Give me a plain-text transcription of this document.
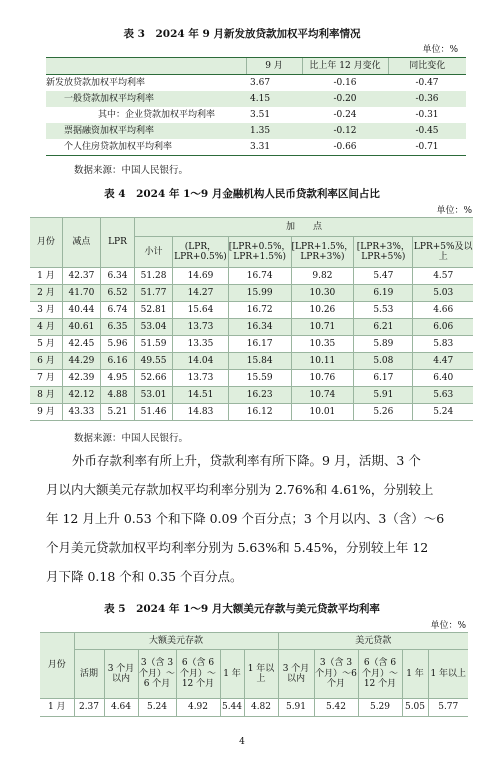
表 3　2024 年 9 月新发放贷款加权平均利率情况
单位：%
	9 月	比上年 12 月变化	同比变化
新发放贷款加权平均利率	3.67	-0.16	-0.47
一般贷款加权平均利率	4.15	-0.20	-0.36
其中：企业贷款加权平均利率	3.51	-0.24	-0.31
票据融资加权平均利率	1.35	-0.12	-0.45
个人住房贷款加权平均利率	3.31	-0.66	-0.71
数据来源：中国人民银行。
表 4　2024 年 1～9 月金融机构人民币贷款利率区间占比
单位：%
月份	减点	LPR	加　　点					
			小计	(LPR，LPR+0.5%)	[LPR+0.5%，LPR+1.5%)	[LPR+1.5%，LPR+3%)	[LPR+3%，LPR+5%)	LPR+5%及以上
1 月	42.37	6.34	51.28	14.69	16.74	9.82	5.47	4.57
2 月	41.70	6.52	51.77	14.27	15.99	10.30	6.19	5.03
3 月	40.44	6.74	52.81	15.64	16.72	10.26	5.53	4.66
4 月	40.61	6.35	53.04	13.73	16.34	10.71	6.21	6.06
5 月	42.45	5.96	51.59	13.35	16.17	10.35	5.89	5.83
6 月	44.29	6.16	49.55	14.04	15.84	10.11	5.08	4.47
7 月	42.39	4.95	52.66	13.73	15.59	10.76	6.17	6.40
8 月	42.12	4.88	53.01	14.51	16.23	10.74	5.91	5.63
9 月	43.33	5.21	51.46	14.83	16.12	10.01	5.26	5.24
数据来源：中国人民银行。
外币存款利率有所上升，贷款利率有所下降。9 月，活期、3 个
月以内大额美元存款加权平均利率分别为 2.76%和 4.61%，分别较上
年 12 月上升 0.53 个和下降 0.09 个百分点；3 个月以内、3（含）～6
个月美元贷款加权平均利率分别为 5.63%和 5.45%，分别较上年 12
月下降 0.18 个和 0.35 个百分点。
表 5　2024 年 1～9 月大额美元存款与美元贷款平均利率
单位：%
月份	大额美元存款						美元贷款				
	活期	3 个月以内	3（含 3 个月）～6 个月	6（含 6 个月）～12 个月	1 年	1 年以上	3 个月以内	3（含 3 个月）～6 个月	6（含 6 个月）～12 个月	1 年	1 年以上
1 月	2.37	4.64	5.24	4.92	5.44	4.82	5.91	5.42	5.29	5.05	5.77
4
